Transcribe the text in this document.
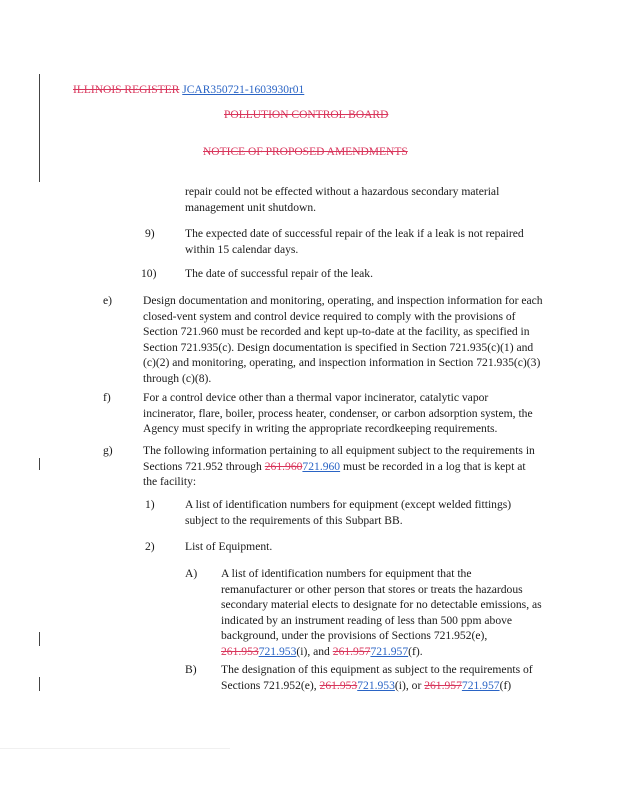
ILLINOIS REGISTER JCAR350721-1603930r01
POLLUTION CONTROL BOARD
NOTICE OF PROPOSED AMENDMENTS
repair could not be effected without a hazardous secondary material management unit shutdown.
9)	The expected date of successful repair of the leak if a leak is not repaired within 15 calendar days.
10) The date of successful repair of the leak.
e)	Design documentation and monitoring, operating, and inspection information for each closed-vent system and control device required to comply with the provisions of Section 721.960 must be recorded and kept up-to-date at the facility, as specified in Section 721.935(c). Design documentation is specified in Section 721.935(c)(1) and (c)(2) and monitoring, operating, and inspection information in Section 721.935(c)(3) through (c)(8).
f)	For a control device other than a thermal vapor incinerator, catalytic vapor incinerator, flare, boiler, process heater, condenser, or carbon adsorption system, the Agency must specify in writing the appropriate recordkeeping requirements.
g)	The following information pertaining to all equipment subject to the requirements in Sections 721.952 through 261.960721.960 must be recorded in a log that is kept at the facility:
1)	A list of identification numbers for equipment (except welded fittings) subject to the requirements of this Subpart BB.
2)	List of Equipment.
A) A list of identification numbers for equipment that the remanufacturer or other person that stores or treats the hazardous secondary material elects to designate for no detectable emissions, as indicated by an instrument reading of less than 500 ppm above background, under the provisions of Sections 721.952(e), 261.953721.953(i), and 261.957721.957(f).
B) The designation of this equipment as subject to the requirements of Sections 721.952(e), 261.953721.953(i), or 261.957721.957(f)
